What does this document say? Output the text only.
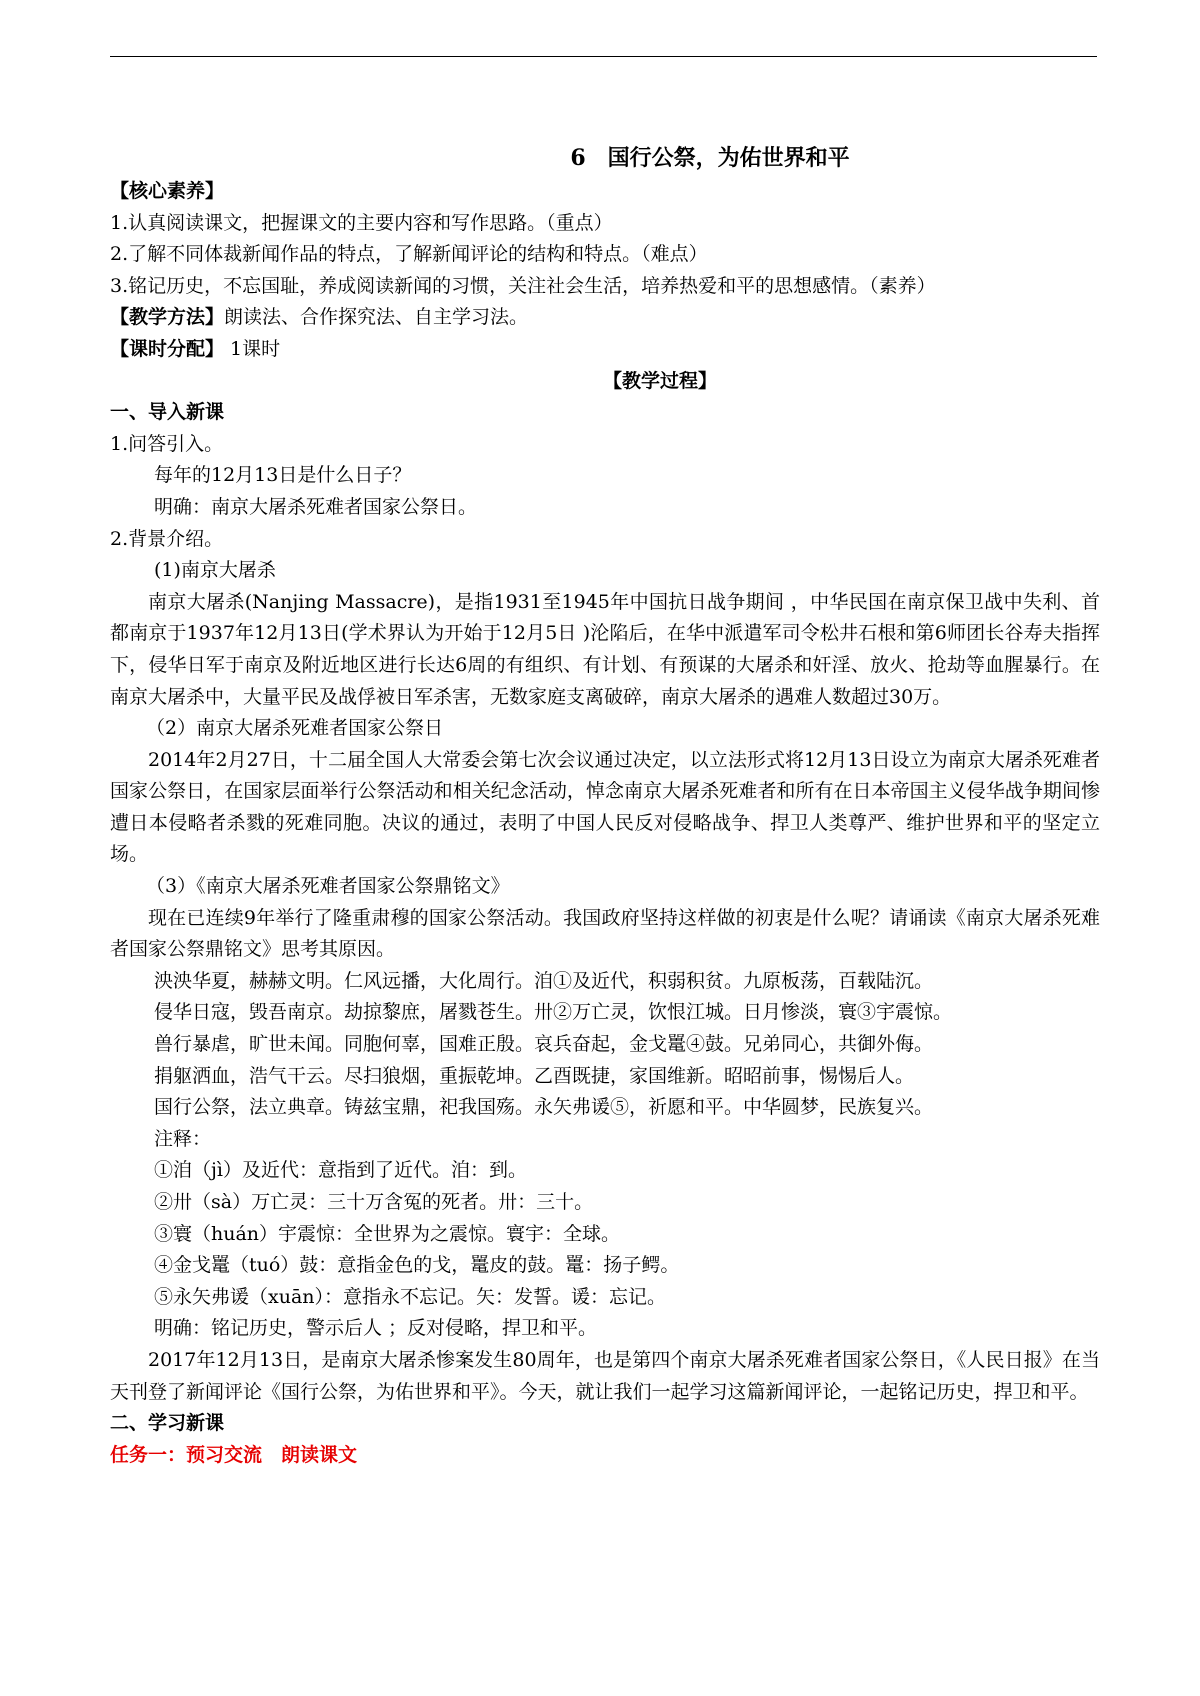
6　国行公祭，为佑世界和平
【核心素养】
1.认真阅读课文，把握课文的主要内容和写作思路。（重点）
2.了解不同体裁新闻作品的特点，了解新闻评论的结构和特点。（难点）
3.铭记历史，不忘国耻，养成阅读新闻的习惯，关注社会生活，培养热爱和平的思想感情。（素养）
【教学方法】朗读法、合作探究法、自主学习法。
【课时分配】 1课时
【教学过程】
一、导入新课
1.问答引入。
每年的12月13日是什么日子？
明确：南京大屠杀死难者国家公祭日。
2.背景介绍。
(1)南京大屠杀
南京大屠杀(Nanjing Massacre)，是指1931至1945年中国抗日战争期间 ，中华民国在南京保卫战中失利、首都南京于1937年12月13日(学术界认为开始于12月5日 )沦陷后，在华中派遣军司令松井石根和第6师团长谷寿夫指挥下，侵华日军于南京及附近地区进行长达6周的有组织、有计划、有预谋的大屠杀和奸淫、放火、抢劫等血腥暴行。在南京大屠杀中，大量平民及战俘被日军杀害，无数家庭支离破碎，南京大屠杀的遇难人数超过30万。
（2）南京大屠杀死难者国家公祭日
2014年2月27日，十二届全国人大常委会第七次会议通过决定，以立法形式将12月13日设立为南京大屠杀死难者国家公祭日，在国家层面举行公祭活动和相关纪念活动，悼念南京大屠杀死难者和所有在日本帝国主义侵华战争期间惨遭日本侵略者杀戮的死难同胞。决议的通过，表明了中国人民反对侵略战争、捍卫人类尊严、维护世界和平的坚定立场。
（3）《南京大屠杀死难者国家公祭鼎铭文》
现在已连续9年举行了隆重肃穆的国家公祭活动。我国政府坚持这样做的初衷是什么呢？请诵读《南京大屠杀死难者国家公祭鼎铭文》思考其原因。
泱泱华夏，赫赫文明。仁风远播，大化周行。洎①及近代，积弱积贫。九原板荡，百载陆沉。
侵华日寇，毁吾南京。劫掠黎庶，屠戮苍生。卅②万亡灵，饮恨江城。日月惨淡，寰③宇震惊。
兽行暴虐，旷世未闻。同胞何辜，国难正殷。哀兵奋起，金戈鼍④鼓。兄弟同心，共御外侮。
捐躯洒血，浩气干云。尽扫狼烟，重振乾坤。乙酉既捷，家国维新。昭昭前事，惕惕后人。
国行公祭，法立典章。铸兹宝鼎，祀我国殇。永矢弗谖⑤，祈愿和平。中华圆梦，民族复兴。
注释：
①洎（jì）及近代：意指到了近代。洎：到。
②卅（sà）万亡灵：三十万含冤的死者。卅：三十。
③寰（huán）宇震惊：全世界为之震惊。寰宇：全球。
④金戈鼍（tuó）鼓：意指金色的戈，鼍皮的鼓。鼍：扬子鳄。
⑤永矢弗谖（xuān）：意指永不忘记。矢：发誓。谖：忘记。
明确：铭记历史，警示后人 ；反对侵略，捍卫和平。
2017年12月13日，是南京大屠杀惨案发生80周年，也是第四个南京大屠杀死难者国家公祭日，《人民日报》在当天刊登了新闻评论《国行公祭，为佑世界和平》。今天，就让我们一起学习这篇新闻评论，一起铭记历史，捍卫和平。
二、学习新课
任务一：预习交流　朗读课文
